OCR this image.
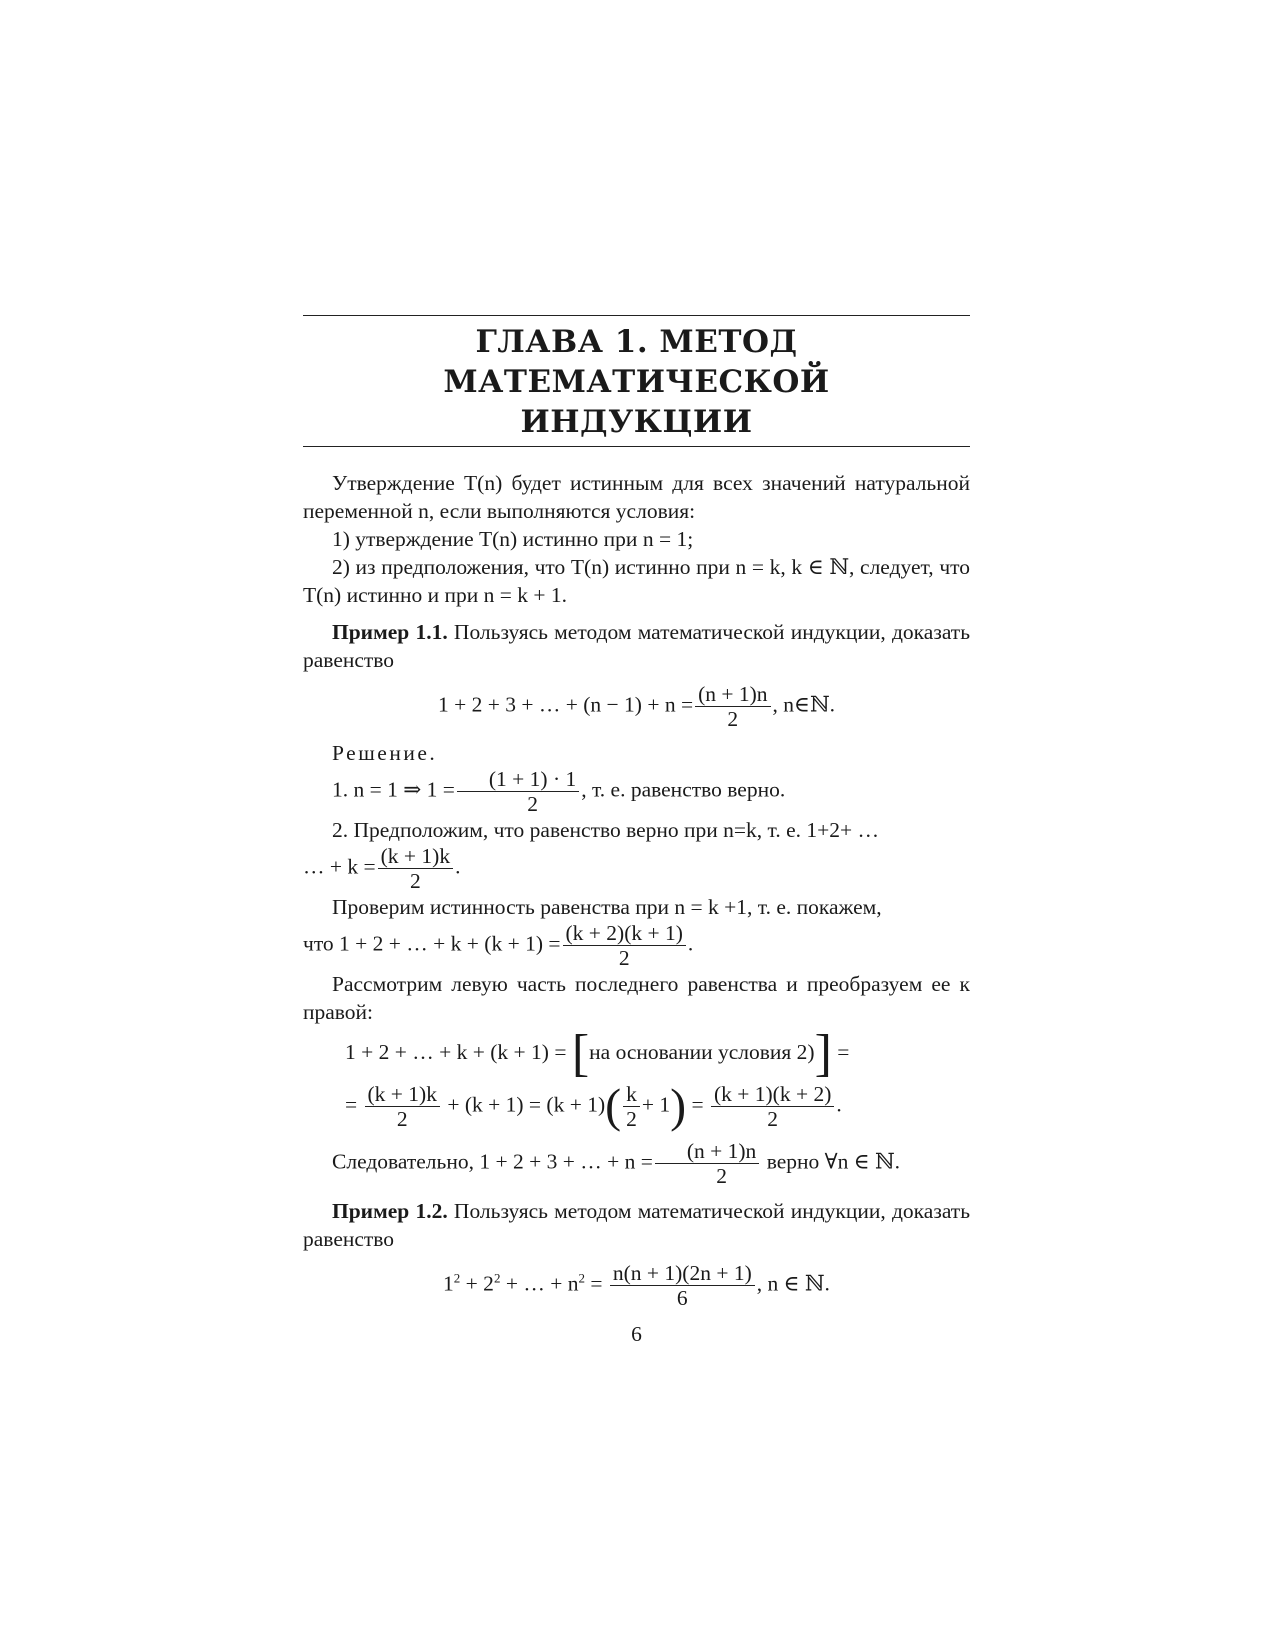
ГЛАВА 1. МЕТОД МАТЕМАТИЧЕСКОЙ
ИНДУКЦИИ

Утверждение T(n) будет истинным для всех значений натуральной переменной n, если выполняются условия:

1) утверждение T(n) истинно при n = 1;

2) из предположения, что T(n) истинно при n = k, k ∈ ℕ, следует, что T(n) истинно и при n = k + 1.

Пример 1.1. Пользуясь методом математической индукции, доказать равенство

1 + 2 + 3 + … + $(n - 1) + n = \frac{(n + 1)n}{2}$ , n∈ℕ.

Решение.

1. n = 1 ⇒ $1 = \frac{(1 + 1) \cdot 1}{2}$ , т. е. равенство верно.

2. Предположим, что равенство верно при n=k, т. е. 1+2+ …

… + $k = \frac{(k + 1)k}{2}$ .

Проверим истинность равенства при n = k +1, т. е. покажем,

что 1 + 2 + … + $k + (k + 1) = \frac{(k + 2)(k + 1)}{2}$ .

Рассмотрим левую часть последнего равенства и преобразуем ее к правой:

1 + 2 + … + k + (k + 1) = [на основании условия 2)] =
= $\frac{(k + 1)k}{2} + (k + 1) = (k + 1)( \frac{k}{2} + 1) = \frac{(k + 1)(k + 2)}{2}$ .

Следовательно, 1 + 2 + 3 + … + $n = \frac{(n + 1)n}{2}$ верно ∀n ∈ ℕ.

Пример 1.2. Пользуясь методом математической индукции, доказать равенство

$1^2 + 2^2$ + … + $n^2 = \frac{n(n + 1)(2n + 1)}{6}$ , n ∈ ℕ.
6
